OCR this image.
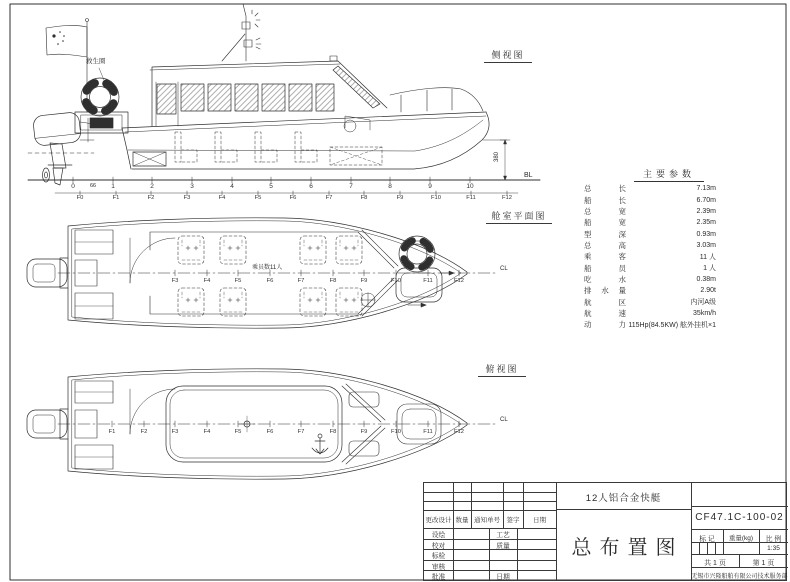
侧视图
舱室平面图
俯视图
BL
CL
CL
乘员数11人
救生圈
380
66
0	1	2	3	4	5	6	7	8	9	10
F0	F1	F2	F3	F4	F5	F6	F7	F8	F9	F10	F11	F12
F3	F4	F5	F6	F7	F8	F9	F10	F11	F12
F1	F2	F3	F4	F5	F6	F7	F8	F9	F10	F11	F12
主要参数
总长	7.13m
船长	6.70m
总宽	2.39m
船宽	2.35m
型深	0.93m
总高	3.03m
乘客	11 人
船员	1 人
吃水	0.38m
排水量	2.90t
航区	内河A级
航速	35km/h
动力 115Hp(84.5KW) 舷外挂机×1
更改设计 数量 通知单号	签字	日期
设绘	工艺
校对	质量
标检
审核
批准	日期
12人铝合金快艇
总布置图
CF47.1C-100-02
标 记	重量(kg)	比 例
1:35
共 1 页	第 1 页
无锡市兴隆船舶有限公司技术服务部
